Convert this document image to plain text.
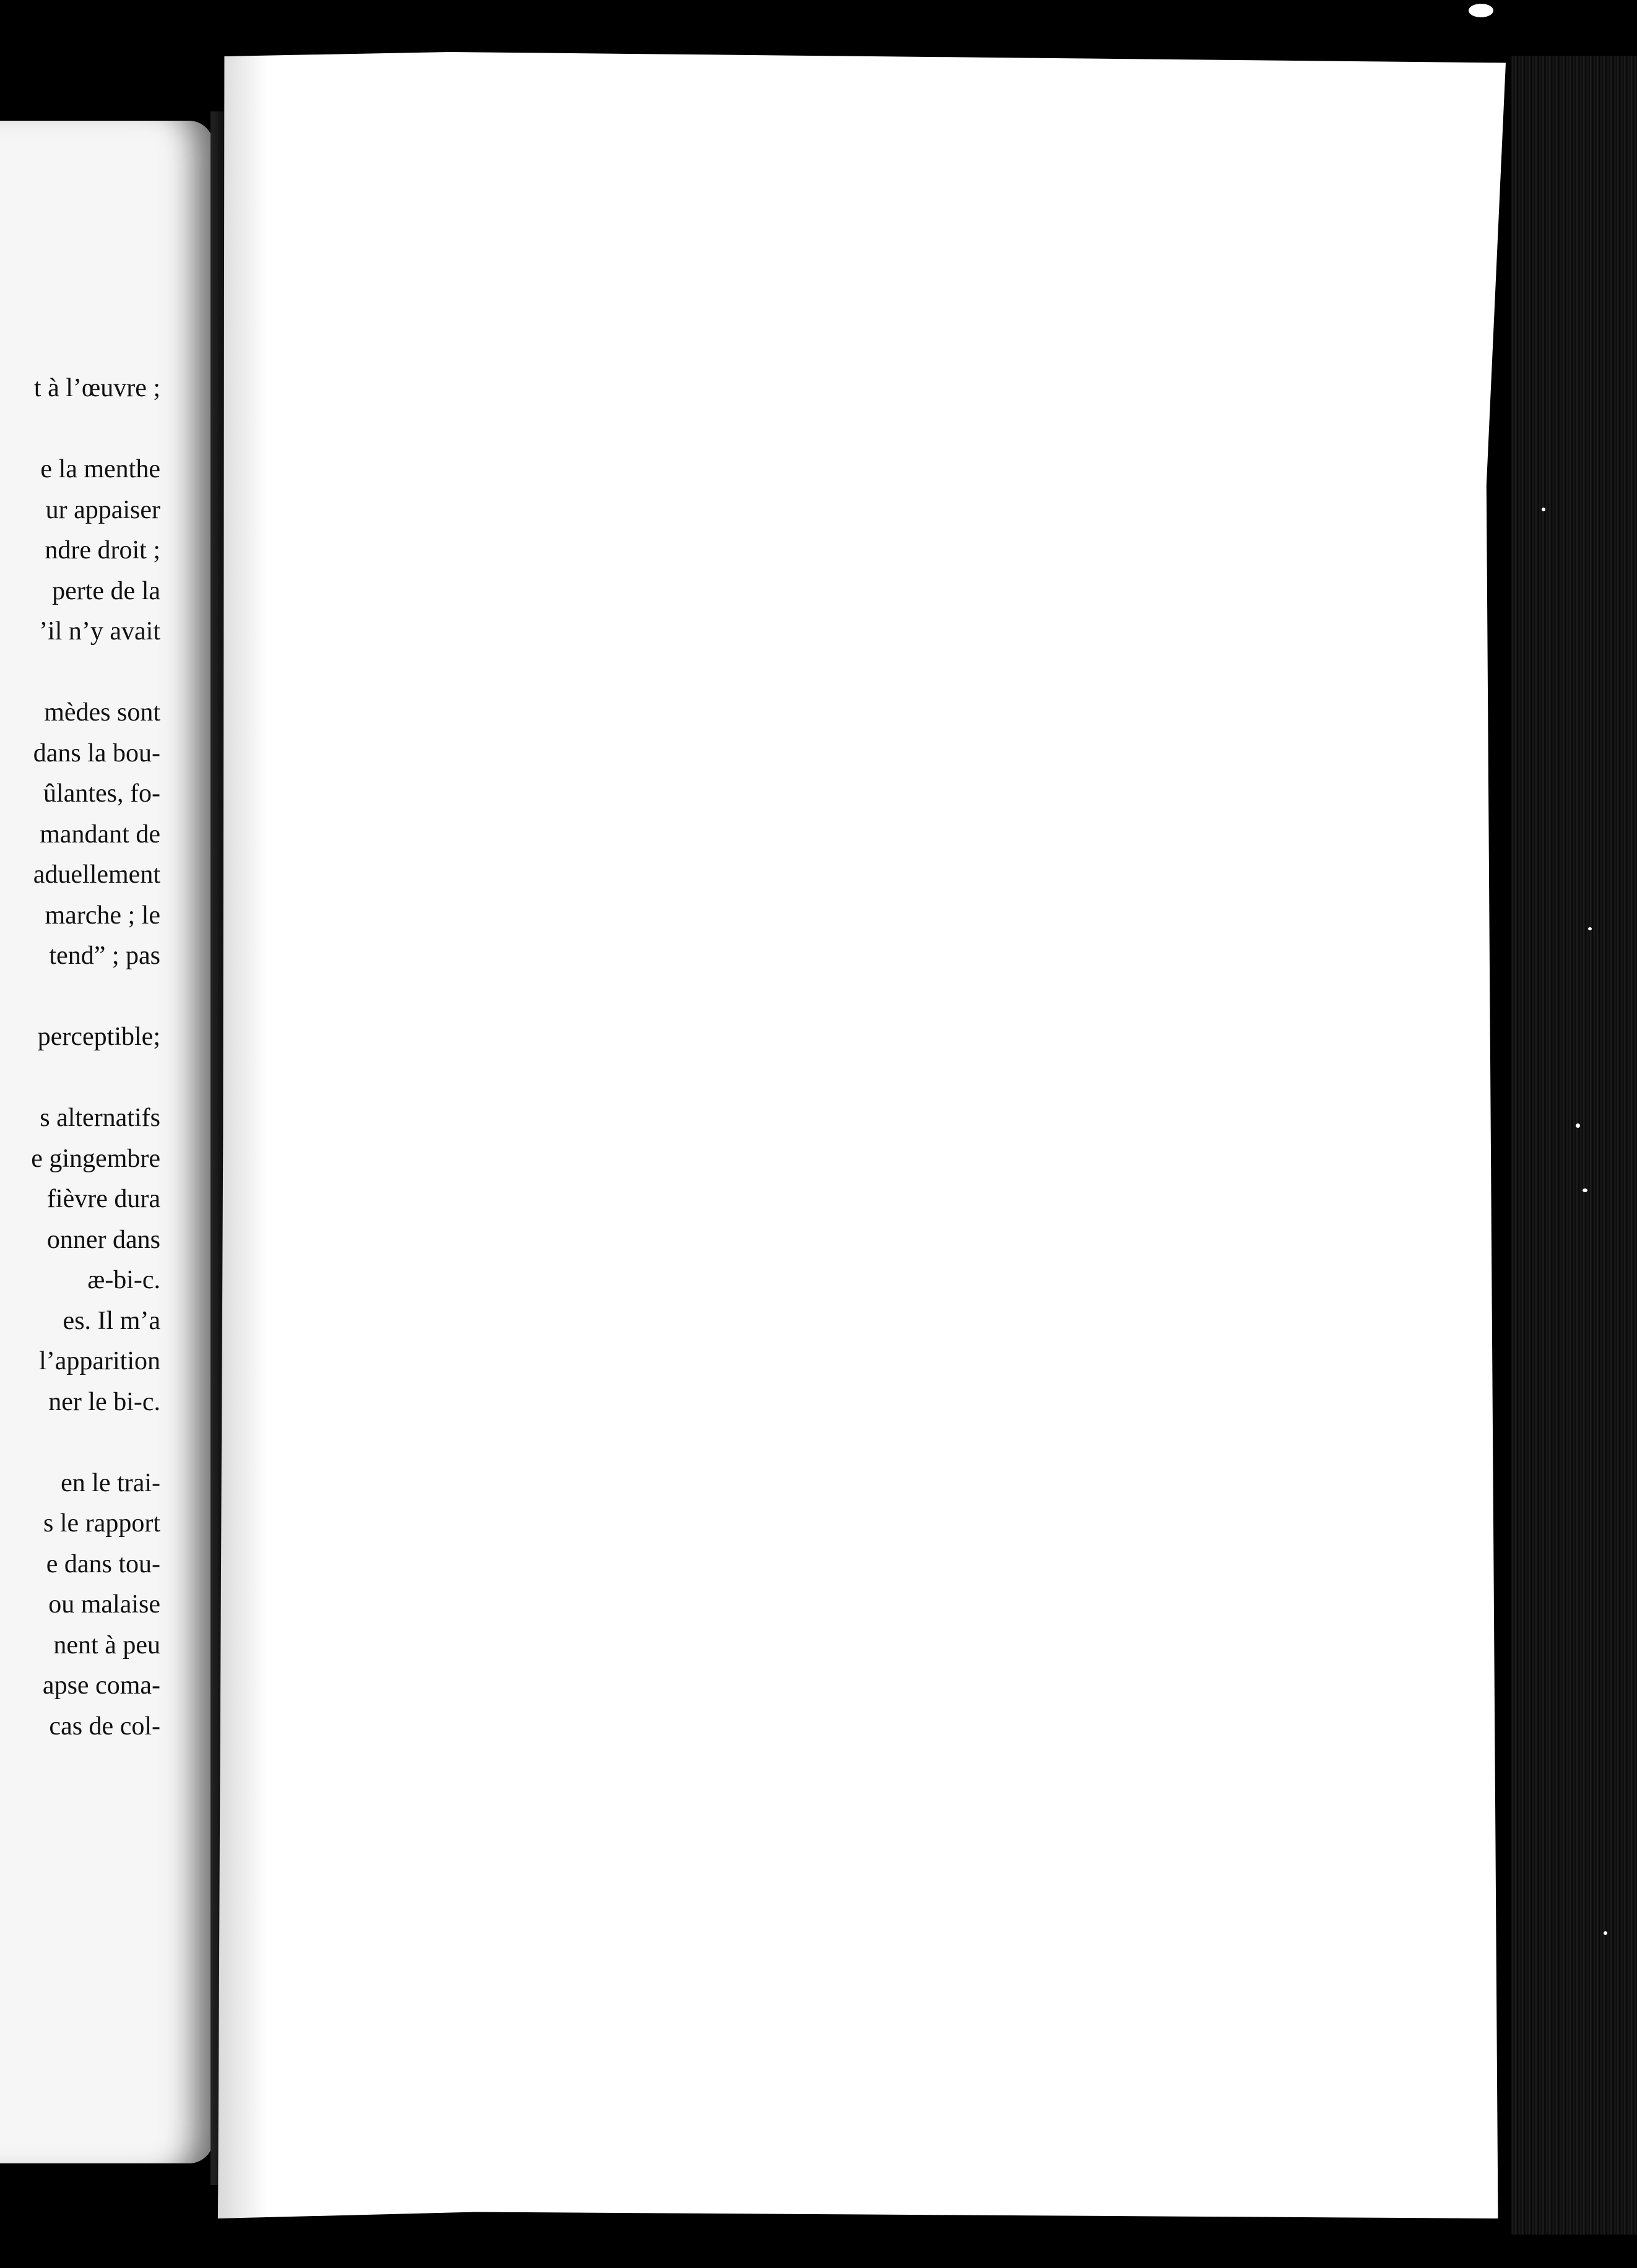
t à l’œuvre ;
e la menthe
ur appaiser
ndre droit ;
perte de la
’il n’y avait
mèdes sont
dans la bou-
ûlantes, fo-
mandant de
aduellement
marche ; le
tend” ; pas
perceptible;
s alternatifs
e gingembre
fièvre dura
onner dans
æ-bi-c.
es. Il m’a
l’apparition
ner le bi-c.
en le trai-
s le rapport
e dans tou-
ou malaise
nent à peu
apse coma-
cas de col-
